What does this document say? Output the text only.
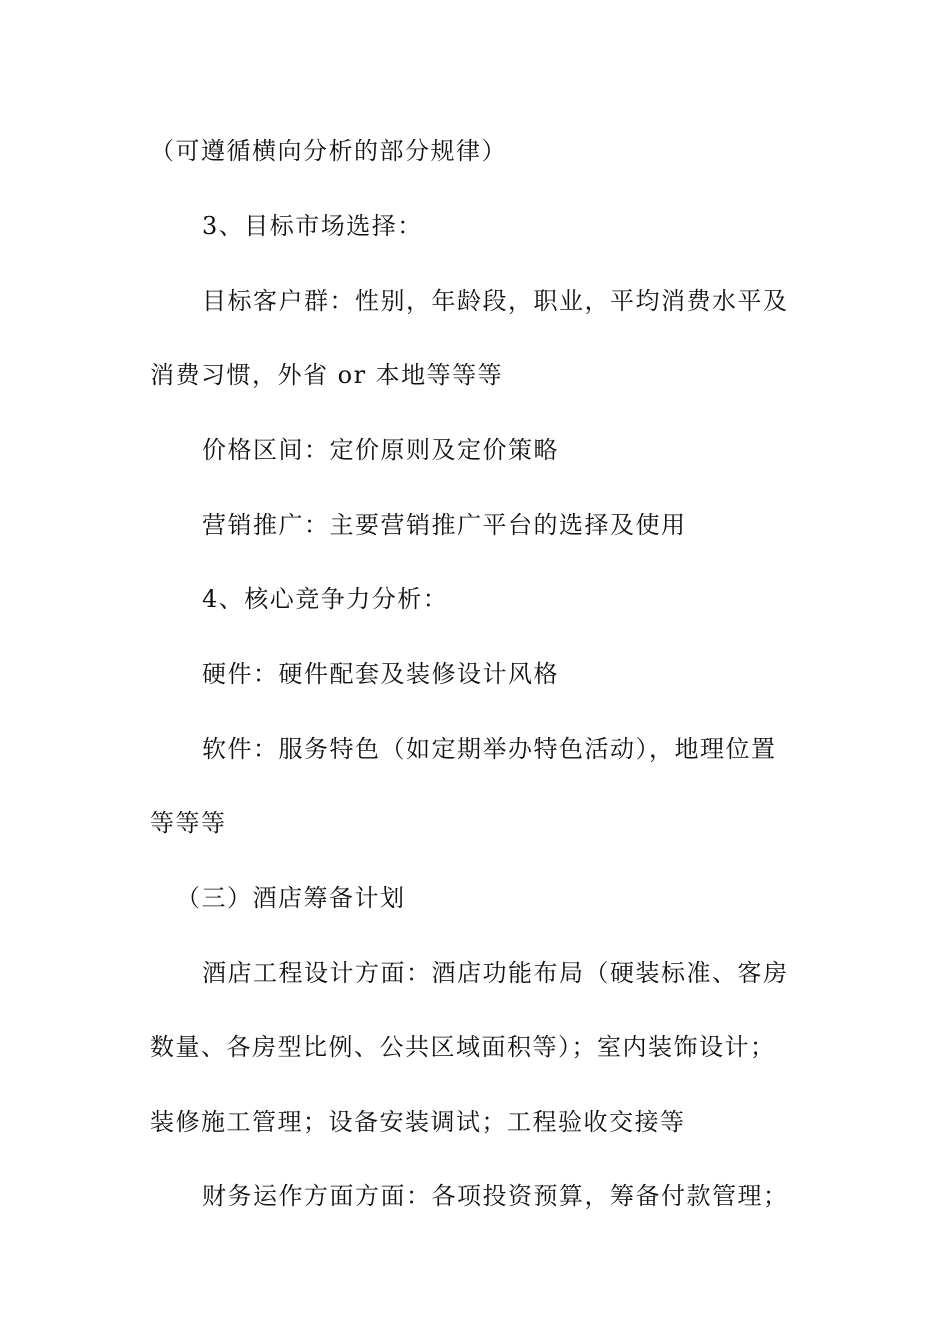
（可遵循横向分析的部分规律）
3、目标市场选择：
目标客户群：性别，年龄段，职业，平均消费水平及
消费习惯，外省 or 本地等等等
价格区间：定价原则及定价策略
营销推广：主要营销推广平台的选择及使用
4、核心竞争力分析：
硬件：硬件配套及装修设计风格
软件：服务特色（如定期举办特色活动），地理位置
等等等
（三）酒店筹备计划
酒店工程设计方面：酒店功能布局（硬装标准、客房
数量、各房型比例、公共区域面积等）；室内装饰设计；
装修施工管理；设备安装调试；工程验收交接等
财务运作方面方面：各项投资预算，筹备付款管理；
